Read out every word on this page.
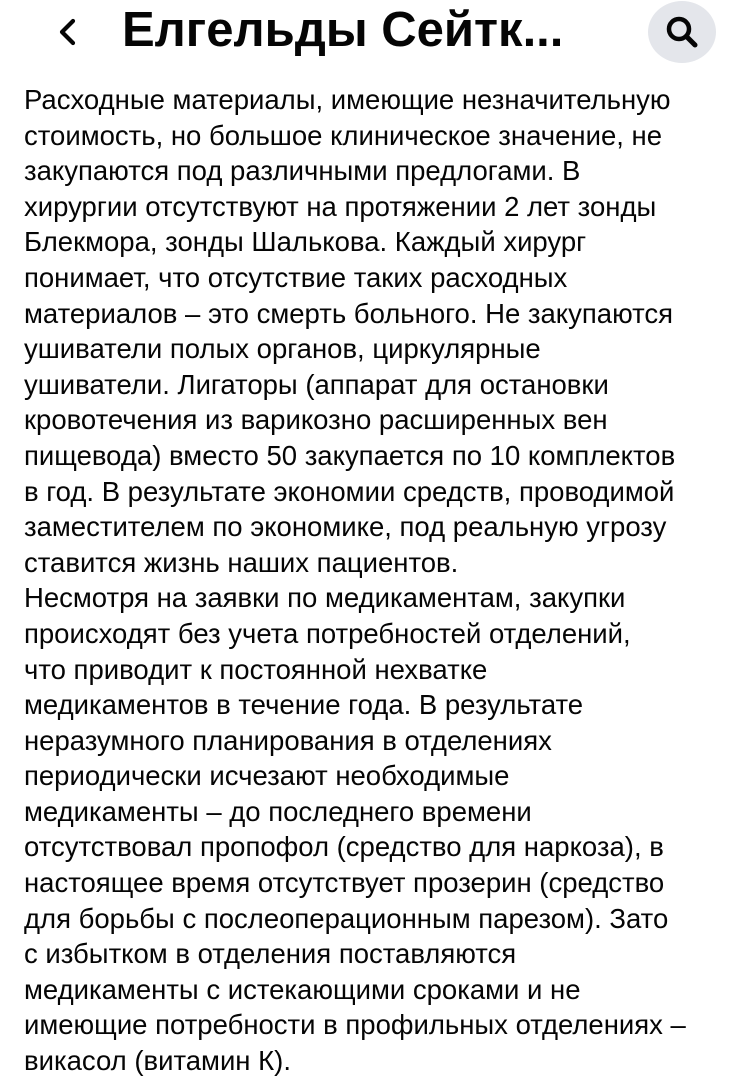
Елгельды Сейтк...
Расходные материалы, имеющие незначительную
стоимость, но большое клиническое значение, не
закупаются под различными предлогами. В
хирургии отсутствуют на протяжении 2 лет зонды
Блекмора, зонды Шалькова. Каждый хирург
понимает, что отсутствие таких расходных
материалов – это смерть больного. Не закупаются
ушиватели полых органов, циркулярные
ушиватели. Лигаторы (аппарат для остановки
кровотечения из варикозно расширенных вен
пищевода) вместо 50 закупается по 10 комплектов
в год. В результате экономии средств, проводимой
заместителем по экономике, под реальную угрозу
ставится жизнь наших пациентов.
Несмотря на заявки по медикаментам, закупки
происходят без учета потребностей отделений,
что приводит к постоянной нехватке
медикаментов в течение года. В результате
неразумного планирования в отделениях
периодически исчезают необходимые
медикаменты – до последнего времени
отсутствовал пропофол (средство для наркоза), в
настоящее время отсутствует прозерин (средство
для борьбы с послеоперационным парезом). Зато
с избытком в отделения поставляются
медикаменты с истекающими сроками и не
имеющие потребности в профильных отделениях –
викасол (витамин К).
